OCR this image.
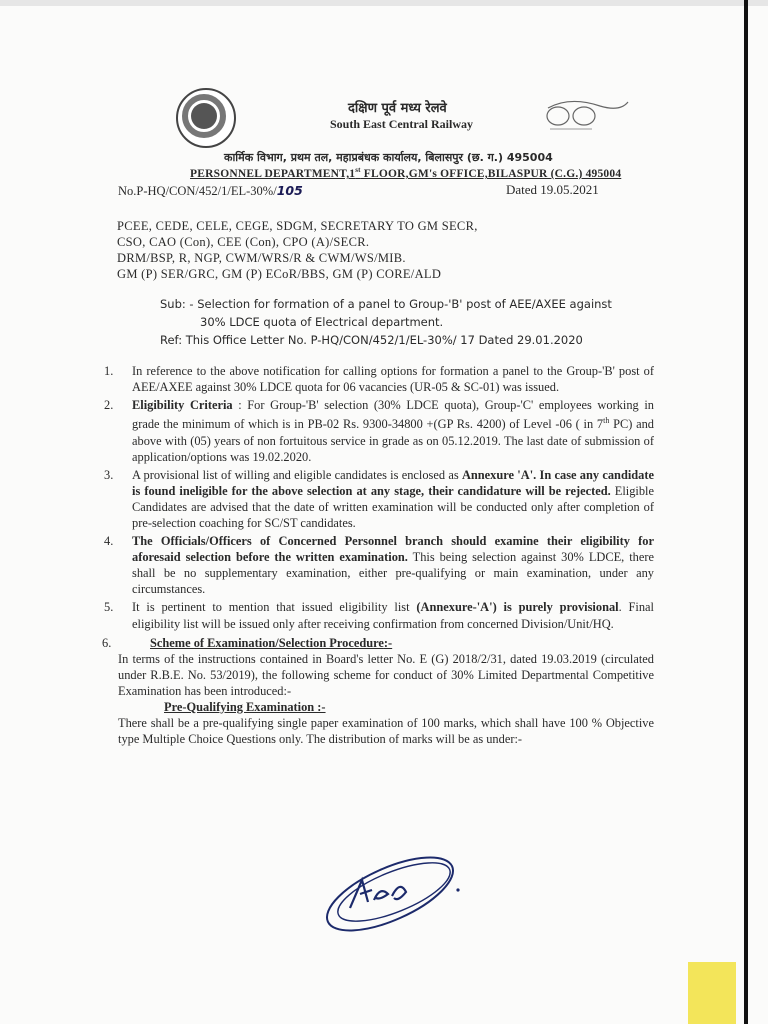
दक्षिण पूर्व मध्य रेलवे
South East Central Railway
कार्मिक विभाग, प्रथम तल, महाप्रबंधक कार्यालय, बिलासपुर (छ. ग.) 495004
PERSONNEL DEPARTMENT,1st FLOOR,GM's OFFICE,BILASPUR (C.G.) 495004
No.P-HQ/CON/452/1/EL-30%/105	Dated 19.05.2021
PCEE, CEDE, CELE, CEGE, SDGM, SECRETARY TO GM SECR,
CSO, CAO (Con), CEE (Con), CPO (A)/SECR.
DRM/BSP, R, NGP, CWM/WRS/R & CWM/WS/MIB.
GM (P) SER/GRC, GM (P) ECoR/BBS, GM (P) CORE/ALD
Sub: - Selection for formation of a panel to Group-'B' post of AEE/AXEE against
30% LDCE quota of Electrical department.
Ref: This Office Letter No. P-HQ/CON/452/1/EL-30%/ 17 Dated 29.01.2020
1. In reference to the above notification for calling options for formation a panel to the Group-'B' post of AEE/AXEE against 30% LDCE quota for 06 vacancies (UR-05 & SC-01) was issued.
2. Eligibility Criteria : For Group-'B' selection (30% LDCE quota), Group-'C' employees working in grade the minimum of which is in PB-02 Rs. 9300-34800 +(GP Rs. 4200) of Level -06 ( in 7th PC) and above with (05) years of non fortuitous service in grade as on 05.12.2019. The last date of submission of application/options was 19.02.2020.
3. A provisional list of willing and eligible candidates is enclosed as Annexure 'A'. In case any candidate is found ineligible for the above selection at any stage, their candidature will be rejected. Eligible Candidates are advised that the date of written examination will be conducted only after completion of pre-selection coaching for SC/ST candidates.
4. The Officials/Officers of Concerned Personnel branch should examine their eligibility for aforesaid selection before the written examination. This being selection against 30% LDCE, there shall be no supplementary examination, either pre-qualifying or main examination, under any circumstances.
5. It is pertinent to mention that issued eligibility list (Annexure-'A') is purely provisional. Final eligibility list will be issued only after receiving confirmation from concerned Division/Unit/HQ.
6.	Scheme of Examination/Selection Procedure:-
In terms of the instructions contained in Board's letter No. E (G) 2018/2/31, dated 19.03.2019 (circulated under R.B.E. No. 53/2019), the following scheme for conduct of 30% Limited Departmental Competitive Examination has been introduced:-
Pre-Qualifying Examination :-
There shall be a pre-qualifying single paper examination of 100 marks, which shall have 100 % Objective type Multiple Choice Questions only. The distribution of marks will be as under:-
